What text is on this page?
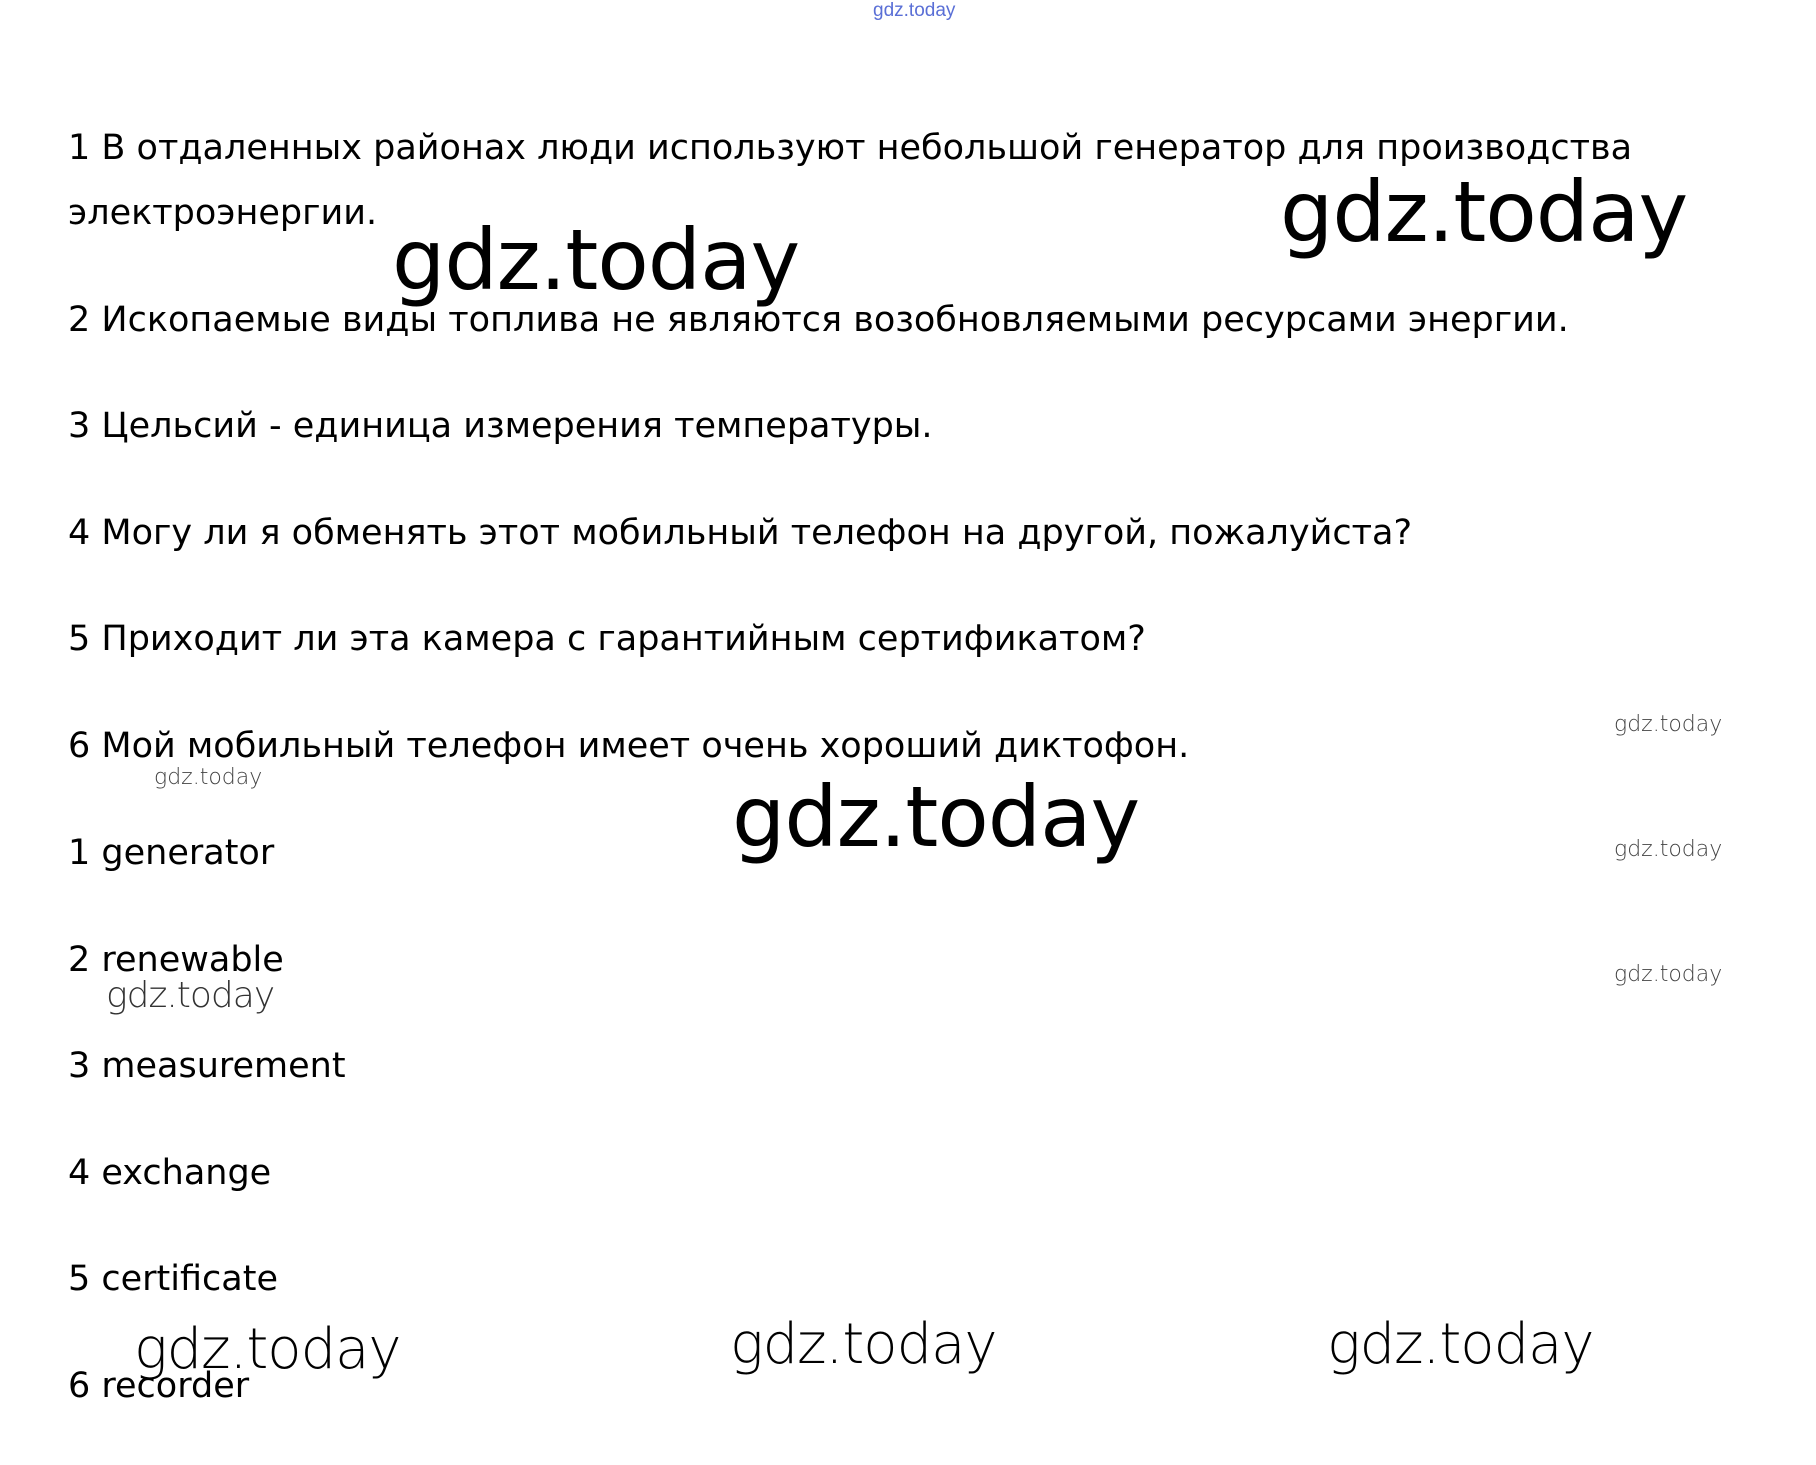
gdz.today
1 В отдаленных районах люди используют небольшой генератор для производства
электроэнергии.
2 Ископаемые виды топлива не являются возобновляемыми ресурсами энергии.
3 Цельсий - единица измерения температуры.
4 Могу ли я обменять этот мобильный телефон на другой, пожалуйста?
5 Приходит ли эта камера с гарантийным сертификатом?
6 Мой мобильный телефон имеет очень хороший диктофон.
1 generator
2 renewable
3 measurement
4 exchange
5 certificate
6 recorder
gdz.today
gdz.today
gdz.today
gdz.today
gdz.today
gdz.today
gdz.today
gdz.today
gdz.today	gdz.today	gdz.today
